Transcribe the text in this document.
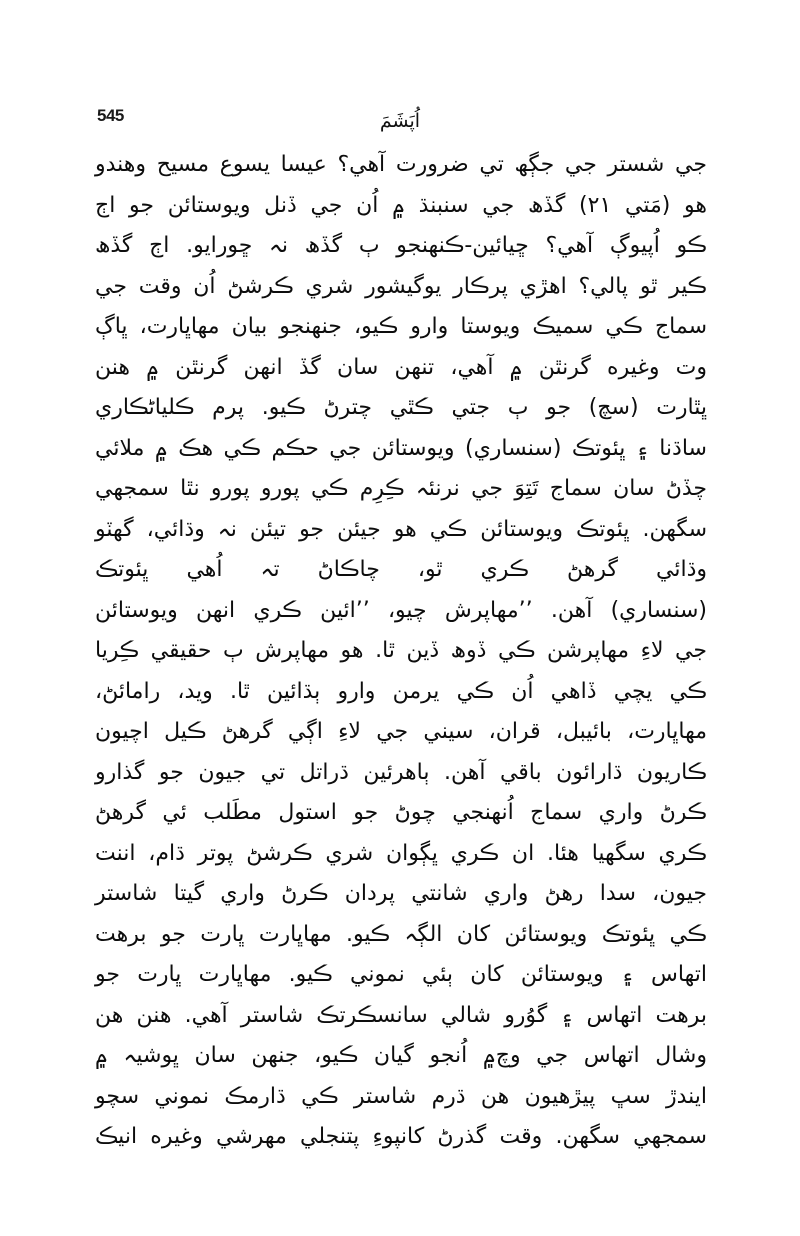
545	اُپَشَمَ
جي شستر جي جڳھ تي ضرورت آهي؟ عيسا يسوع مسيح وهندو
هو (مَتي ٢١) گڏھ جي سنبنڌ ۾ اُن جي ڏنل ويوستائن جو اڄ
ڪو اُپيوڳ آهي؟ ڇيائين-ڪنهنجو ٻ گڏھ نہ ڇورايو. اڄ گڏھ
ڪير ٿو پالي؟ اهڙي پرڪار يوگيشور شري ڪرشڻ اُن وقت جي
سماج ڪي سميڪ ويوستا وارو ڪيو، جنهنجو بيان مهاڀارت، ڀاڳ
وت وغيره گرنٿن ۾ آهي، تنهن سان گڏ انهن گرنٿن ۾ هنن
ڀٿارت (سچ) جو ٻ جتي ڪٿي چترڻ ڪيو. پرم ڪلياڻڪاري
ساڌنا ۽ ڀئوتڪ (سنساري) ويوستائن جي حڪم ڪي هڪ ۾ ملائي
چڏڻ سان سماج تَتِوَ جي نرنئہ ڪِرِم ڪي پورو پورو نٿا سمجهي
سگهن. ڀئوتڪ ويوستائن ڪي هو جيئن جو تيئن نہ وڌائي، گھٽو
وڌائي گرهڻ ڪري ٿو، چاڪاڻ تہ اُهي ڀئوتڪ
(سنساري) آهن. ’’مهاپرش چيو، ’’ائين ڪري انهن ويوستائن
جي لاءِ مهاپرشن ڪي ڏوھ ڏين ٿا. هو مهاپرش ٻ حقيقي ڪِريا
ڪي يچي ڏاهي اُن ڪي يرمن وارو ٻڌائين ٿا. ويد، رامائڻ،
مهاڀارت، بائيبل، قران، سيني جي لاءِ اڳي گرهڻ ڪيل اچيون
ڪاريون ڌارائون باقي آهن. ٻاهرئين ڌراتل تي جيون جو گذارو
ڪرڻ واري سماج اُنهنجي چوڻ جو استول مطَلب ئي گرهڻ
ڪري سگهيا هئا. ان ڪري ڀڳوان شري ڪرشڻ پوتر ڌام، اننت
جيون، سدا رهڻ واري شانتي پردان ڪرڻ واري گيتا شاستر
ڪي ڀئوتڪ ويوستائن کان الڳہ ڪيو. مهاڀارت ڀارت جو برهت
اتهاس ۽ ويوستائن کان ٻئي نموني ڪيو. مهاڀارت ڀارت جو
برهت اتهاس ۽ گوُرو شالي سانسڪرتڪ شاستر آهي. هنن هن
وشال اتهاس جي وچ۾ اُنجو گيان ڪيو، جنهن سان ڀوشيہ ۾
ايندڙ سڀ پيڙهيون هن ڌرم شاستر ڪي ڌارمڪ نموني سچو
سمجهي سگهن. وقت گذرڻ کانپوءِ پتنجلي مهرشي وغيره انيڪ
